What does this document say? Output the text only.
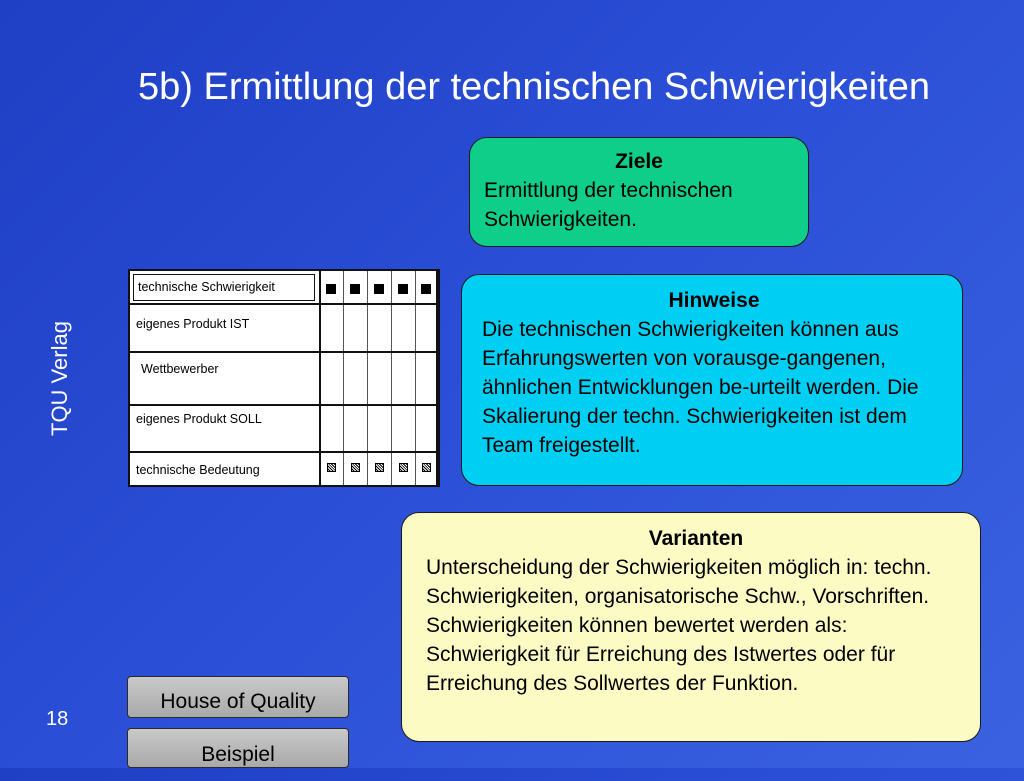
5b) Ermittlung der technischen Schwierigkeiten
TQU Verlag
18
Ziele
Ermittlung der technischen Schwierigkeiten.
Hinweise
Die technischen Schwierigkeiten können aus Erfahrungswerten von vorausge-gangenen, ähnlichen Entwicklungen be-urteilt werden. Die Skalierung der techn. Schwierigkeiten ist dem Team freigestellt.
Varianten
Unterscheidung der Schwierigkeiten möglich in: techn. Schwierigkeiten, organisatorische Schw., Vorschriften.
Schwierigkeiten können bewertet werden als: Schwierigkeit für Erreichung des Istwertes oder für Erreichung des Sollwertes der Funktion.
technische Schwierigkeit
eigenes Produkt IST
Wettbewerber
eigenes Produkt SOLL
technische Bedeutung
House of Quality
Beispiel
